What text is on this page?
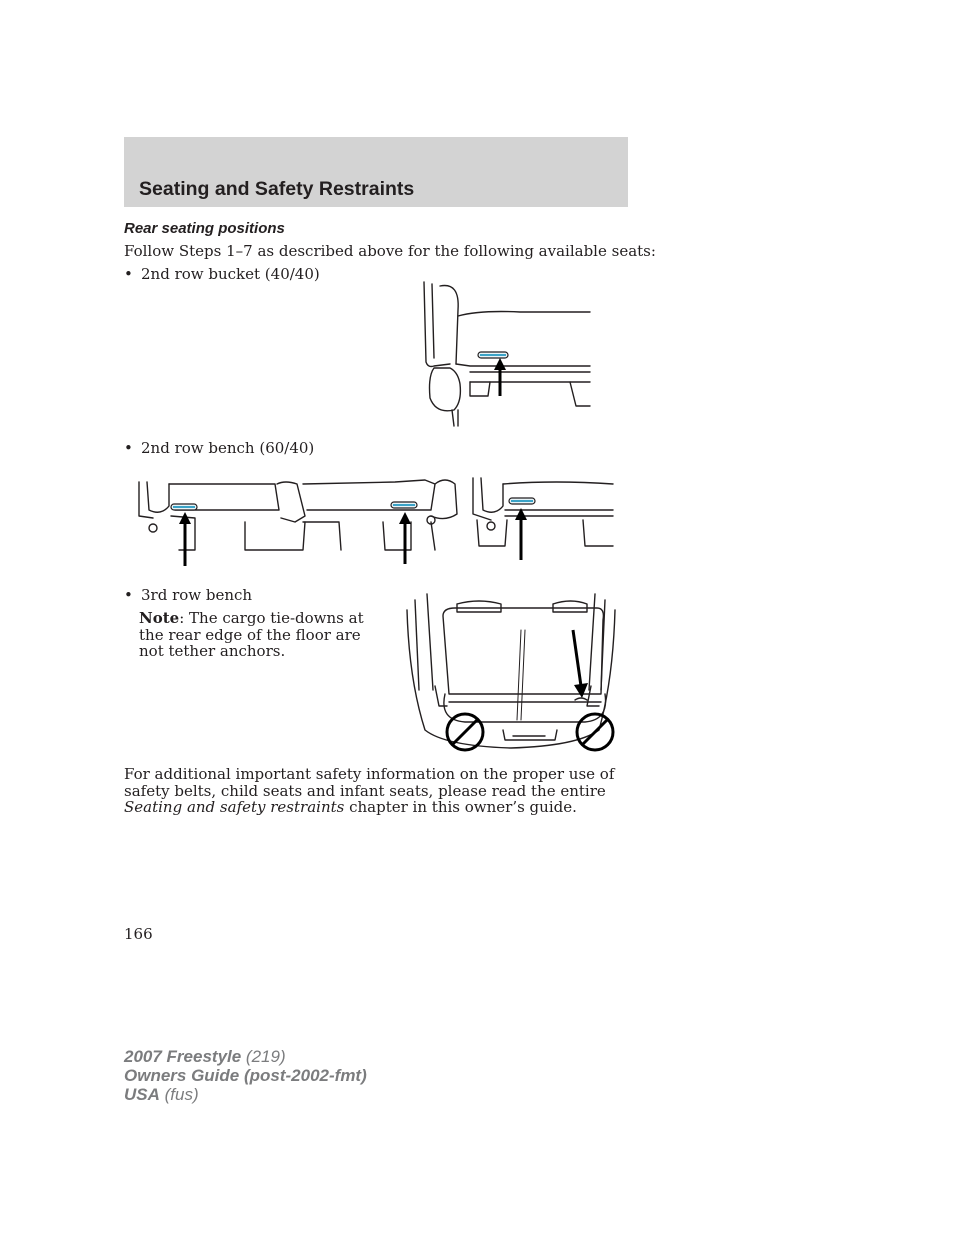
Seating and Safety Restraints
Rear seating positions
Follow Steps 1–7 as described above for the following available seats:
• 2nd row bucket (40/40)
• 2nd row bench (60/40)
• 3rd row bench
Note: The cargo tie-downs at the rear edge of the floor are not tether anchors.
For additional important safety information on the proper use of safety belts, child seats and infant seats, please read the entire Seating and safety restraints chapter in this owner’s guide.
166
2007 Freestyle (219)
Owners Guide (post-2002-fmt)
USA (fus)
